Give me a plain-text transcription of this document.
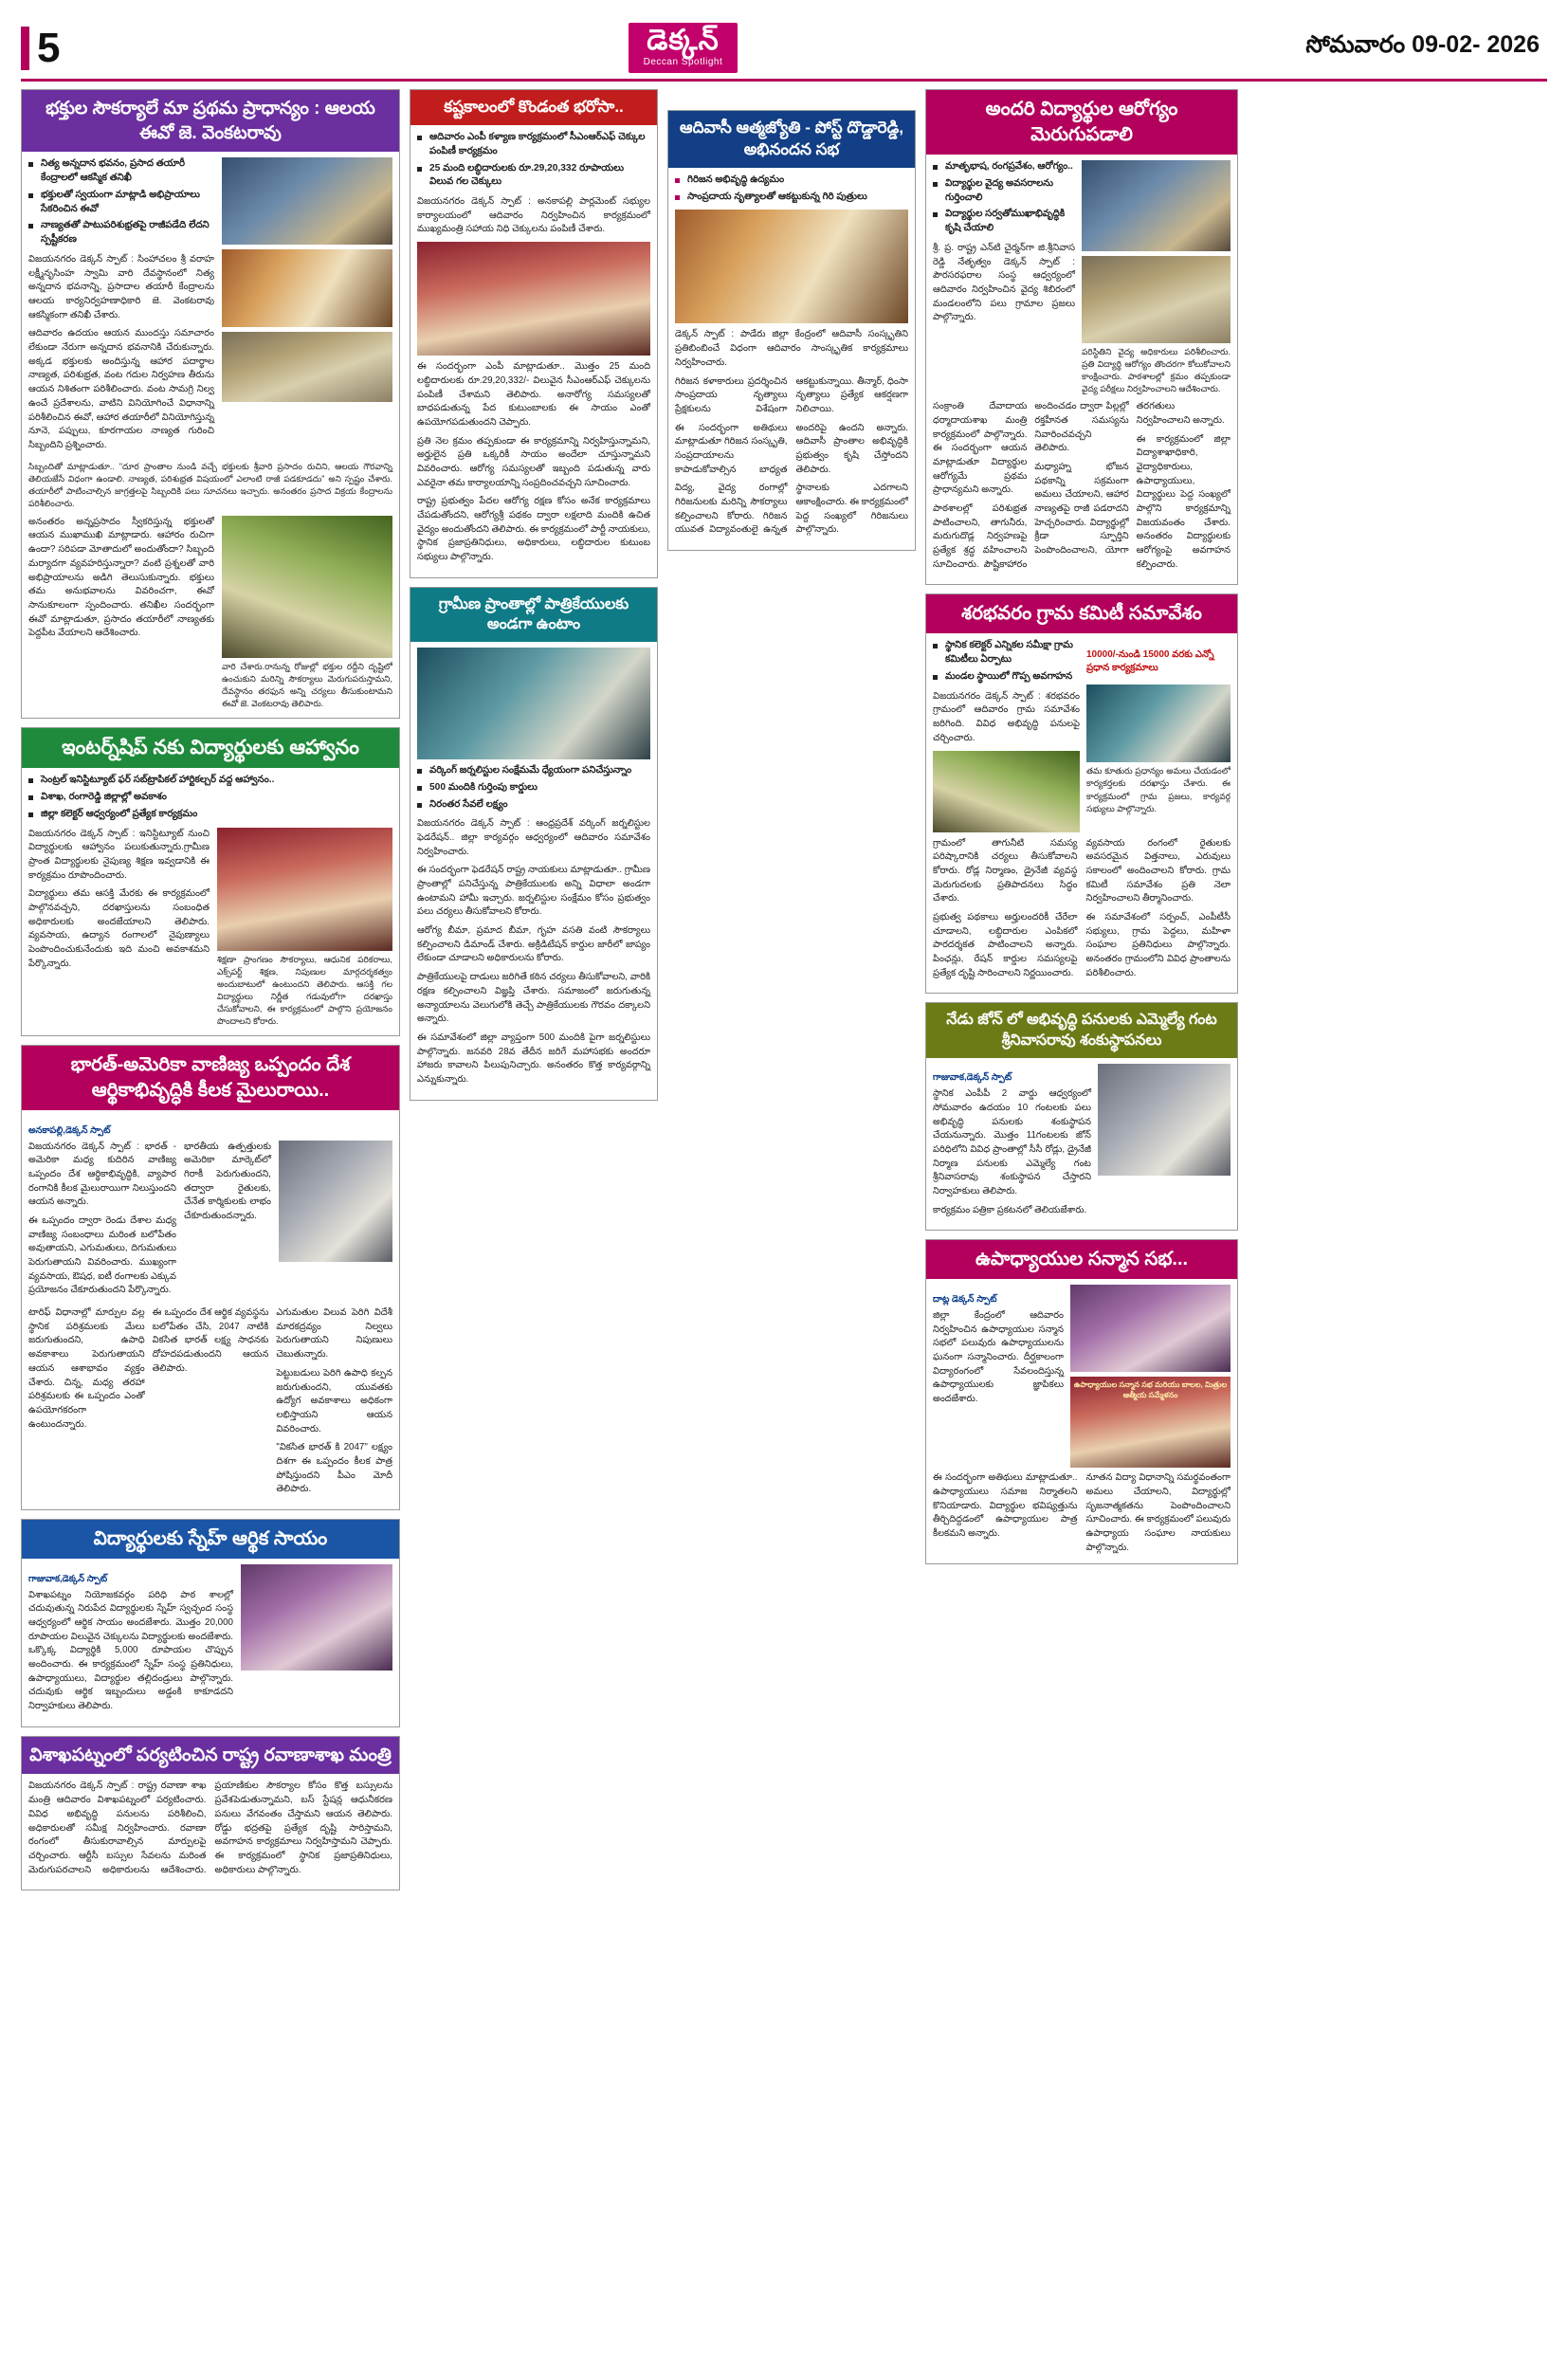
5	డెక్కన్
Deccan Spotlight
సోమవారం 09-02- 2026
భక్తుల సౌకర్యాలే మా ప్రథమ ప్రాధాన్యం : ఆలయ ఈవో జె. వెంకటరావు
నిత్య అన్నదాన భవనం, ప్రసాద తయారీ కేంద్రాలలో ఆకస్మిక తనిఖీ
భక్తులతో స్వయంగా మాట్లాడి అభిప్రాయాలు సేకరించిన ఈవో
నాణ్యతతో పాటుపరిశుభ్రతపై రాజీపడేది లేదని స్పష్టీకరణ

విజయనగరం డెక్కన్ స్పాట్ : సింహాచలం శ్రీ వరాహ లక్ష్మీనృసింహ స్వామి వారి దేవస్థానంలో నిత్య అన్నదాన భవనాన్ని, ప్రసాదాల తయారీ కేంద్రాలను ఆలయ కార్యనిర్వహణాధికారి జె. వెంకటరావు ఆకస్మికంగా తనిఖీ చేశారు.

ఆదివారం ఉదయం ఆయన ముందస్తు సమాచారం లేకుండా నేరుగా అన్నదాన భవనానికి చేరుకున్నారు. అక్కడ భక్తులకు అందిస్తున్న ఆహార పదార్థాల నాణ్యత, పరిశుభ్రత, వంట గదుల నిర్వహణ తీరును ఆయన నిశితంగా పరిశీలించారు. వంట సామగ్రి నిల్వ ఉంచే ప్రదేశాలను, వాటిని వినియోగించే విధానాన్ని పరిశీలించిన ఈవో, ఆహార తయారీలో వినియోగిస్తున్న నూనె, పప్పులు, కూరగాయల నాణ్యత గురించి సిబ్బందిని ప్రశ్నించారు.

సిబ్బందితో మాట్లాడుతూ.. "దూర ప్రాంతాల నుండి వచ్చే భక్తులకు శ్రీవారి ప్రసాదం రుచిని, ఆలయ గౌరవాన్ని తెలియజేసే విధంగా ఉండాలి. నాణ్యత, పరిశుభ్రత విషయంలో ఎలాంటి రాజీ పడకూడదు" అని స్పష్టం చేశారు. తయారీలో పాటించాల్సిన జాగ్రత్తలపై సిబ్బందికి పలు సూచనలు ఇచ్చారు. అనంతరం ప్రసాద విక్రయ కేంద్రాలను పరిశీలించారు.

అనంతరం అన్నప్రసాదం స్వీకరిస్తున్న భక్తులతో ఆయన ముఖాముఖి మాట్లాడారు. ఆహారం రుచిగా ఉందా? సరిపడా మోతాదులో అందుతోందా? సిబ్బంది మర్యాదగా వ్యవహరిస్తున్నారా? వంటి ప్రశ్నలతో వారి అభిప్రాయాలను అడిగి తెలుసుకున్నారు. భక్తులు తమ అనుభవాలను వివరించగా, ఈవో సానుకూలంగా స్పందించారు. తనిఖీల సందర్భంగా ఈవో మాట్లాడుతూ, ప్రసాదం తయారీలో నాణ్యతకు పెద్దపీట వేయాలని ఆదేశించారు.

వారి చేశారు.రానున్న రోజుల్లో భక్తుల రద్దీని దృష్టిలో ఉంచుకుని మరిన్ని సౌకర్యాలు మెరుగుపరుస్తామని, దేవస్థానం తరఫున అన్ని చర్యలు తీసుకుంటామని ఈవో జె. వెంకటరావు తెలిపారు.

ఇంటర్న్‌షిప్ నకు విద్యార్థులకు ఆహ్వానం
సెంట్రల్ ఇనిస్టిట్యూట్ ఫర్ సబ్‌ట్రాపికల్ హార్టికల్చర్ వద్ద ఆహ్వానం..
విశాఖ, రంగారెడ్డి జిల్లాల్లో అవకాశం
జిల్లా కలెక్టర్ ఆధ్వర్యంలో ప్రత్యేక కార్యక్రమం

విజయనగరం డెక్కన్ స్పాట్ : ఇనిస్టిట్యూట్ నుంచి విద్యార్థులకు ఆహ్వానం పలుకుతున్నారు.గ్రామీణ ప్రాంత విద్యార్థులకు నైపుణ్య శిక్షణ ఇవ్వడానికి ఈ కార్యక్రమం రూపొందించారు.

విద్యార్థులు తమ ఆసక్తి మేరకు ఈ కార్యక్రమంలో పాల్గొనవచ్చని, దరఖాస్తులను సంబంధిత అధికారులకు అందజేయాలని తెలిపారు. వ్యవసాయ, ఉద్యాన రంగాలలో నైపుణ్యాలు పెంపొందించుకునేందుకు ఇది మంచి అవకాశమని పేర్కొన్నారు.	శిక్షణా ప్రాంగణం సౌకర్యాలు, ఆధునిక పరికరాలు, ఎక్స్‌పర్ట్ శిక్షణ, నిపుణుల మార్గదర్శకత్వం అందుబాటులో ఉంటుందని తెలిపారు. ఆసక్తి గల విద్యార్థులు నిర్ణీత గడువులోగా దరఖాస్తు చేసుకోవాలని, ఈ కార్యక్రమంలో పాల్గొని ప్రయోజనం పొందాలని కోరారు.

భారత్-అమెరికా వాణిజ్య ఒప్పందం దేశ ఆర్థికాభివృద్ధికి కీలక మైలురాయి..

అనకాపల్లి,డెక్కన్ స్పాట్

విజయనగరం డెక్కన్ స్పాట్ : భారత్ - అమెరికా మధ్య కుదిరిన వాణిజ్య ఒప్పందం దేశ ఆర్థికాభివృద్ధికి, వ్యాపార రంగానికి కీలక మైలురాయిగా నిలుస్తుందని ఆయన అన్నారు.

ఈ ఒప్పందం ద్వారా రెండు దేశాల మధ్య వాణిజ్య సంబంధాలు మరింత బలోపేతం అవుతాయని, ఎగుమతులు, దిగుమతులు పెరుగుతాయని వివరించారు. ముఖ్యంగా వ్యవసాయ, ఔషధ, ఐటీ రంగాలకు ఎక్కువ ప్రయోజనం చేకూరుతుందని పేర్కొన్నారు.

భారతీయ ఉత్పత్తులకు అమెరికా మార్కెట్‌లో గిరాకీ పెరుగుతుందని, తద్వారా రైతులకు, చేనేత కార్మికులకు లాభం చేకూరుతుందన్నారు.

టారిఫ్ విధానాల్లో మార్పుల వల్ల స్థానిక పరిశ్రమలకు మేలు జరుగుతుందని, ఉపాధి అవకాశాలు పెరుగుతాయని ఆయన ఆశాభావం వ్యక్తం చేశారు. చిన్న, మధ్య తరహా పరిశ్రమలకు ఈ ఒప్పందం ఎంతో ఉపయోగకరంగా ఉంటుందన్నారు.

ఈ ఒప్పందం దేశ ఆర్థిక వ్యవస్థను బలోపేతం చేసి, 2047 నాటికి వికసిత భారత్ లక్ష్య సాధనకు దోహదపడుతుందని ఆయన తెలిపారు.

ఎగుమతుల విలువ పెరిగి విదేశీ మారకద్రవ్యం నిల్వలు పెరుగుతాయని నిపుణులు చెబుతున్నారు.

పెట్టుబడులు పెరిగి ఉపాధి కల్పన జరుగుతుందని, యువతకు ఉద్యోగ అవకాశాలు అధికంగా లభిస్తాయని ఆయన వివరించారు.

"వికసిత భారత్ కి 2047" లక్ష్యం దిశగా ఈ ఒప్పందం కీలక పాత్ర పోషిస్తుందని పీఎం మోదీ తెలిపారు.

విద్యార్థులకు స్నేహ్ ఆర్థిక సాయం

గాజువాక,డెక్కన్ స్పాట్

విశాఖపట్నం నియోజకవర్గం పరిధి పాఠ శాలల్లో చదువుతున్న నిరుపేద విద్యార్థులకు స్నేహ్ స్వచ్ఛంద సంస్థ ఆధ్వర్యంలో ఆర్థిక సాయం అందజేశారు. మొత్తం 20,000 రూపాయల విలువైన చెక్కులను విద్యార్థులకు అందజేశారు. ఒక్కొక్క విద్యార్థికి 5,000 రూపాయల చొప్పున అందించారు. ఈ కార్యక్రమంలో స్నేహ్ సంస్థ ప్రతినిధులు, ఉపాధ్యాయులు, విద్యార్థుల తల్లిదండ్రులు పాల్గొన్నారు. చదువుకు ఆర్థిక ఇబ్బందులు అడ్డంకి కాకూడదని నిర్వాహకులు తెలిపారు.

విశాఖపట్నంలో పర్యటించిన రాష్ట్ర రవాణాశాఖ మంత్రి

విజయనగరం డెక్కన్ స్పాట్ : రాష్ట్ర రవాణా శాఖ మంత్రి ఆదివారం విశాఖపట్నంలో పర్యటించారు. వివిధ అభివృద్ధి పనులను పరిశీలించి, అధికారులతో సమీక్ష నిర్వహించారు. రవాణా రంగంలో తీసుకురావాల్సిన మార్పులపై చర్చించారు. ఆర్టీసీ బస్సుల సేవలను మరింత మెరుగుపరచాలని అధికారులను ఆదేశించారు. ప్రయాణికుల సౌకర్యాల కోసం కొత్త బస్సులను ప్రవేశపెడుతున్నామని, బస్ స్టేషన్ల ఆధునీకరణ పనులు వేగవంతం చేస్తామని ఆయన తెలిపారు. రోడ్డు భద్రతపై ప్రత్యేక దృష్టి సారిస్తామని, అవగాహన కార్యక్రమాలు నిర్వహిస్తామని చెప్పారు. ఈ కార్యక్రమంలో స్థానిక ప్రజాప్రతినిధులు, అధికారులు పాల్గొన్నారు.

కష్టకాలంలో కొండంత భరోసా..
ఆదివారం ఎంపీ కళ్యాణ కార్యక్రమంలో సీఎంఆర్ఎఫ్ చెక్కుల పంపిణీ కార్యక్రమం
25 మంది లబ్ధిదారులకు రూ.29,20,332 రూపాయలు విలువ గల చెక్కులు

విజయనగరం డెక్కన్ స్పాట్ : అనకాపల్లి పార్లమెంట్ సభ్యుల కార్యాలయంలో ఆదివారం నిర్వహించిన కార్యక్రమంలో ముఖ్యమంత్రి సహాయ నిధి చెక్కులను పంపిణీ చేశారు.

ఈ సందర్భంగా ఎంపీ మాట్లాడుతూ.. మొత్తం 25 మంది లబ్ధిదారులకు రూ.29,20,332/- విలువైన సీఎంఆర్ఎఫ్ చెక్కులను పంపిణీ చేశామని తెలిపారు. అనారోగ్య సమస్యలతో బాధపడుతున్న పేద కుటుంబాలకు ఈ సాయం ఎంతో ఉపయోగపడుతుందని చెప్పారు.

ప్రతి నెల క్రమం తప్పకుండా ఈ కార్యక్రమాన్ని నిర్వహిస్తున్నామని, అర్హులైన ప్రతి ఒక్కరికీ సాయం అందేలా చూస్తున్నామని వివరించారు. ఆరోగ్య సమస్యలతో ఇబ్బంది పడుతున్న వారు ఎవరైనా తమ కార్యాలయాన్ని సంప్రదించవచ్చని సూచించారు.

రాష్ట్ర ప్రభుత్వం పేదల ఆరోగ్య రక్షణ కోసం అనేక కార్యక్రమాలు చేపడుతోందని, ఆరోగ్యశ్రీ పథకం ద్వారా లక్షలాది మందికి ఉచిత వైద్యం అందుతోందని తెలిపారు. ఈ కార్యక్రమంలో పార్టీ నాయకులు, స్థానిక ప్రజాప్రతినిధులు, అధికారులు, లబ్ధిదారుల కుటుంబ సభ్యులు పాల్గొన్నారు.

గ్రామీణ ప్రాంతాల్లో పాత్రికేయులకు అండగా ఉంటాం
వర్కింగ్ జర్నలిస్టుల సంక్షేమమే ధ్యేయంగా పనిచేస్తున్నాం
500 మందికి గుర్తింపు కార్డులు
నిరంతర సేవలే లక్ష్యం

విజయనగరం డెక్కన్ స్పాట్ : ఆంధ్రప్రదేశ్ వర్కింగ్ జర్నలిస్టుల ఫెడరేషన్.. జిల్లా కార్యవర్గం ఆధ్వర్యంలో ఆదివారం సమావేశం నిర్వహించారు.

ఈ సందర్భంగా ఫెడరేషన్ రాష్ట్ర నాయకులు మాట్లాడుతూ.. గ్రామీణ ప్రాంతాల్లో పనిచేస్తున్న పాత్రికేయులకు అన్ని విధాలా అండగా ఉంటామని హామీ ఇచ్చారు. జర్నలిస్టుల సంక్షేమం కోసం ప్రభుత్వం పలు చర్యలు తీసుకోవాలని కోరారు.

ఆరోగ్య బీమా, ప్రమాద బీమా, గృహ వసతి వంటి సౌకర్యాలు కల్పించాలని డిమాండ్ చేశారు. అక్రిడిటేషన్ కార్డుల జారీలో జాప్యం లేకుండా చూడాలని అధికారులను కోరారు.

పాత్రికేయులపై దాడులు జరిగితే కఠిన చర్యలు తీసుకోవాలని, వారికి రక్షణ కల్పించాలని విజ్ఞప్తి చేశారు. సమాజంలో జరుగుతున్న అన్యాయాలను వెలుగులోకి తెచ్చే పాత్రికేయులకు గౌరవం దక్కాలని అన్నారు.

ఈ సమావేశంలో జిల్లా వ్యాప్తంగా 500 మందికి పైగా జర్నలిస్టులు పాల్గొన్నారు. జనవరి 28వ తేదీన జరిగే మహాసభకు అందరూ హాజరు కావాలని పిలుపునిచ్చారు. అనంతరం కొత్త కార్యవర్గాన్ని ఎన్నుకున్నారు.

ఆదివాసీ ఆత్మజ్యోతి - పోస్ట్ దొడ్డారెడ్డి, అభినందన సభ
గిరిజన అభివృద్ధి ఉద్యమం
సాంప్రదాయ నృత్యాలతో ఆకట్టుకున్న గిరి పుత్రులు

డెక్కన్ స్పాట్ : పాడేరు జిల్లా కేంద్రంలో ఆదివాసీ సంస్కృతిని ప్రతిబింబించే విధంగా ఆదివారం సాంస్కృతిక కార్యక్రమాలు నిర్వహించారు.

గిరిజన కళాకారులు ప్రదర్శించిన సాంప్రదాయ నృత్యాలు ప్రేక్షకులను విశేషంగా ఆకట్టుకున్నాయి. తీన్మార్, ధింసా నృత్యాలు ప్రత్యేక ఆకర్షణగా నిలిచాయి.

ఈ సందర్భంగా అతిథులు మాట్లాడుతూ గిరిజన సంస్కృతి, సంప్రదాయాలను కాపాడుకోవాల్సిన బాధ్యత అందరిపై ఉందని అన్నారు. ఆదివాసీ ప్రాంతాల అభివృద్ధికి ప్రభుత్వం కృషి చేస్తోందని తెలిపారు.

విద్య, వైద్య రంగాల్లో గిరిజనులకు మరిన్ని సౌకర్యాలు కల్పించాలని కోరారు. గిరిజన యువత విద్యావంతులై ఉన్నత స్థానాలకు ఎదగాలని ఆకాంక్షించారు. ఈ కార్యక్రమంలో పెద్ద సంఖ్యలో గిరిజనులు పాల్గొన్నారు.

అందరి విద్యార్థుల ఆరోగ్యం మెరుగుపడాలి
మాతృభాష, రంగప్రవేశం, ఆరోగ్యం..
విద్యార్థుల వైద్య అవసరాలను గుర్తించాలి
విద్యార్థుల సర్వతోముఖాభివృద్ధికి కృషి చేయాలి

శ్రీ. ప్ర. రాష్ట్ర ఎన్‌టి చైర్మన్‌గా జి.శ్రీనివాస రెడ్డి నేతృత్వం డెక్కన్ స్పాట్ : పౌరసరఫరాల సంస్థ ఆధ్వర్యంలో ఆదివారం నిర్వహించిన వైద్య శిబిరంలో మండలంలోని పలు గ్రామాల ప్రజలు పాల్గొన్నారు.

పరిస్థితిని వైద్య అధికారులు పరిశీలించారు. ప్రతి విద్యార్థి ఆరోగ్యం తొందరగా కోలుకోవాలని కాంక్షించారు. పాఠశాలల్లో క్రమం తప్పకుండా వైద్య పరీక్షలు నిర్వహించాలని ఆదేశించారు.

సంక్రాంతి దేవాదాయ ధర్మాదాయశాఖ మంత్రి కార్యక్రమంలో పాల్గొన్నారు. ఈ సందర్భంగా ఆయన మాట్లాడుతూ విద్యార్థుల ఆరోగ్యమే ప్రథమ ప్రాధాన్యమని అన్నారు.

పాఠశాలల్లో పరిశుభ్రత పాటించాలని, తాగునీరు, మరుగుదొడ్ల నిర్వహణపై ప్రత్యేక శ్రద్ధ వహించాలని సూచించారు. పౌష్టికాహారం అందించడం ద్వారా పిల్లల్లో రక్తహీనత సమస్యను నివారించవచ్చని తెలిపారు.

మధ్యాహ్న భోజన పథకాన్ని సక్రమంగా అమలు చేయాలని, ఆహార నాణ్యతపై రాజీ పడరాదని హెచ్చరించారు. విద్యార్థుల్లో క్రీడా స్ఫూర్తిని పెంపొందించాలని, యోగా తరగతులు నిర్వహించాలని అన్నారు.

ఈ కార్యక్రమంలో జిల్లా విద్యాశాఖాధికారి, వైద్యాధికారులు, ఉపాధ్యాయులు, విద్యార్థులు పెద్ద సంఖ్యలో పాల్గొని కార్యక్రమాన్ని విజయవంతం చేశారు. అనంతరం విద్యార్థులకు ఆరోగ్యంపై అవగాహన కల్పించారు.

శరభవరం గ్రామ కమిటీ సమావేశం
స్థానిక కలెక్టర్ ఎన్నికల సమీక్షా గ్రామ కమిటీలు ఏర్పాటు
మండల స్థాయిలో గొప్ప అవగాహన

విజయనగరం డెక్కన్ స్పాట్ : శరభవరం గ్రామంలో ఆదివారం గ్రామ సమావేశం జరిగింది. వివిధ అభివృద్ధి పనులపై చర్చించారు.

10000/-నుండి 15000 వరకు ఎన్నో ప్రధాన కార్యక్రమాలు

తమ కూతురు ప్రధాన్యం అమలు చేయడంలో కార్యకర్తలకు దరఖాస్తు చేశారు. ఈ కార్యక్రమంలో గ్రామ ప్రజలు, కార్యవర్గ సభ్యులు పాల్గొన్నారు.

గ్రామంలో తాగునీటి సమస్య పరిష్కారానికి చర్యలు తీసుకోవాలని కోరారు. రోడ్ల నిర్మాణం, డ్రైనేజీ వ్యవస్థ మెరుగుదలకు ప్రతిపాదనలు సిద్ధం చేశారు.

ప్రభుత్వ పథకాలు అర్హులందరికీ చేరేలా చూడాలని, లబ్ధిదారుల ఎంపికలో పారదర్శకత పాటించాలని అన్నారు. పింఛన్లు, రేషన్ కార్డుల సమస్యలపై ప్రత్యేక దృష్టి సారించాలని నిర్ణయించారు.

వ్యవసాయ రంగంలో రైతులకు అవసరమైన విత్తనాలు, ఎరువులు సకాలంలో అందించాలని కోరారు. గ్రామ కమిటీ సమావేశం ప్రతి నెలా నిర్వహించాలని తీర్మానించారు.

ఈ సమావేశంలో సర్పంచ్, ఎంపీటీసీ సభ్యులు, గ్రామ పెద్దలు, మహిళా సంఘాల ప్రతినిధులు పాల్గొన్నారు. అనంతరం గ్రామంలోని వివిధ ప్రాంతాలను పరిశీలించారు.

నేడు జోన్ లో అభివృద్ధి పనులకు ఎమ్మెల్యే గంట శ్రీనివాసరావు శంకుస్థాపనలు

గాజువాక,డెక్కన్ స్పాట్

స్థానిక ఎంపీపీ 2 వార్డు ఆధ్వర్యంలో సోమవారం ఉదయం 10 గంటలకు పలు అభివృద్ధి పనులకు శంకుస్థాపన చేయనున్నారు. మొత్తం 11గంటలకు జోన్ పరిధిలోని వివిధ ప్రాంతాల్లో సీసీ రోడ్లు, డ్రైనేజీ నిర్మాణ పనులకు ఎమ్మెల్యే గంట శ్రీనివాసరావు శంకుస్థాపన చేస్తారని నిర్వాహకులు తెలిపారు.

కార్యక్రమం పత్రికా ప్రకటనలో తెలియజేశారు.

ఉపాధ్యాయుల సన్మాన సభ...

దాట్ల డెక్కన్ స్పాట్

జిల్లా కేంద్రంలో ఆదివారం నిర్వహించిన ఉపాధ్యాయుల సన్మాన సభలో పలువురు ఉపాధ్యాయులను ఘనంగా సన్మానించారు. దీర్ఘకాలంగా విద్యారంగంలో సేవలందిస్తున్న ఉపాధ్యాయులకు జ్ఞాపికలు అందజేశారు.

ఉపాధ్యాయుల సన్మాన సభ మరియు బాలల, మిత్రుల ఆత్మీయ సమ్మేళనం

ఈ సందర్భంగా అతిథులు మాట్లాడుతూ.. ఉపాధ్యాయులు సమాజ నిర్మాతలని కొనియాడారు. విద్యార్థుల భవిష్యత్తును తీర్చిదిద్దడంలో ఉపాధ్యాయుల పాత్ర కీలకమని అన్నారు.

నూతన విద్యా విధానాన్ని సమర్థవంతంగా అమలు చేయాలని, విద్యార్థుల్లో సృజనాత్మకతను పెంపొందించాలని సూచించారు. ఈ కార్యక్రమంలో పలువురు ఉపాధ్యాయ సంఘాల నాయకులు పాల్గొన్నారు.
